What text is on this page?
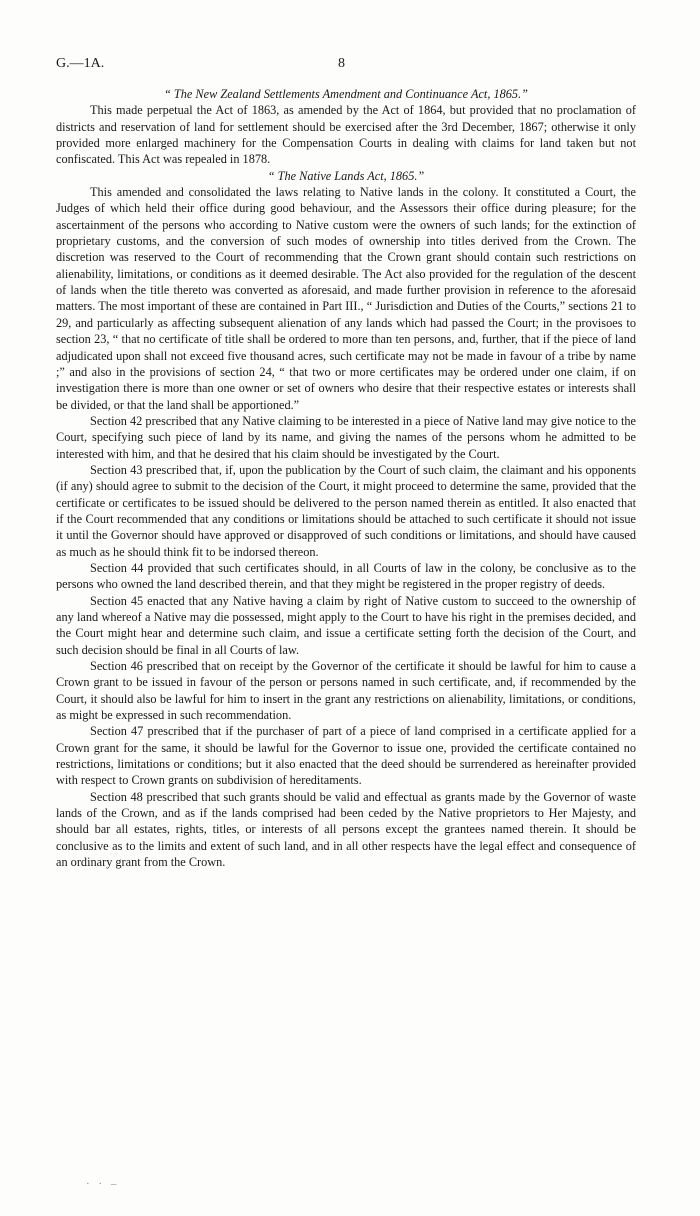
G.—1A.	8
“ The New Zealand Settlements Amendment and Continuance Act, 1865.”

This made perpetual the Act of 1863, as amended by the Act of 1864, but provided that no proclamation of districts and reservation of land for settlement should be exercised after the 3rd December, 1867; otherwise it only provided more enlarged machinery for the Compensation Courts in dealing with claims for land taken but not confiscated. This Act was repealed in 1878.

“ The Native Lands Act, 1865.”

This amended and consolidated the laws relating to Native lands in the colony. It constituted a Court, the Judges of which held their office during good behaviour, and the Assessors their office during pleasure; for the ascertainment of the persons who according to Native custom were the owners of such lands; for the extinction of proprietary customs, and the conversion of such modes of ownership into titles derived from the Crown. The discretion was reserved to the Court of recommending that the Crown grant should contain such restrictions on alienability, limitations, or conditions as it deemed desirable. The Act also provided for the regulation of the descent of lands when the title thereto was converted as aforesaid, and made further provision in reference to the aforesaid matters. The most important of these are contained in Part III., “ Jurisdiction and Duties of the Courts,” sections 21 to 29, and particularly as affecting subsequent alienation of any lands which had passed the Court; in the provisoes to section 23, “ that no certificate of title shall be ordered to more than ten persons, and, further, that if the piece of land adjudicated upon shall not exceed five thousand acres, such certificate may not be made in favour of a tribe by name ;” and also in the provisions of section 24, “ that two or more certificates may be ordered under one claim, if on investigation there is more than one owner or set of owners who desire that their respective estates or interests shall be divided, or that the land shall be apportioned.”

Section 42 prescribed that any Native claiming to be interested in a piece of Native land may give notice to the Court, specifying such piece of land by its name, and giving the names of the persons whom he admitted to be interested with him, and that he desired that his claim should be investigated by the Court.

Section 43 prescribed that, if, upon the publication by the Court of such claim, the claimant and his opponents (if any) should agree to submit to the decision of the Court, it might proceed to determine the same, provided that the certificate or certificates to be issued should be delivered to the person named therein as entitled. It also enacted that if the Court recommended that any conditions or limitations should be attached to such certificate it should not issue it until the Governor should have approved or disapproved of such conditions or limitations, and should have caused as much as he should think fit to be indorsed thereon.

Section 44 provided that such certificates should, in all Courts of law in the colony, be conclusive as to the persons who owned the land described therein, and that they might be registered in the proper registry of deeds.

Section 45 enacted that any Native having a claim by right of Native custom to succeed to the ownership of any land whereof a Native may die possessed, might apply to the Court to have his right in the premises decided, and the Court might hear and determine such claim, and issue a certificate setting forth the decision of the Court, and such decision should be final in all Courts of law.

Section 46 prescribed that on receipt by the Governor of the certificate it should be lawful for him to cause a Crown grant to be issued in favour of the person or persons named in such certificate, and, if recommended by the Court, it should also be lawful for him to insert in the grant any restrictions on alienability, limitations, or conditions, as might be expressed in such recommendation.

Section 47 prescribed that if the purchaser of part of a piece of land comprised in a certificate applied for a Crown grant for the same, it should be lawful for the Governor to issue one, provided the certificate contained no restrictions, limitations or conditions; but it also enacted that the deed should be surrendered as hereinafter provided with respect to Crown grants on subdivision of hereditaments.

Section 48 prescribed that such grants should be valid and effectual as grants made by the Governor of waste lands of the Crown, and as if the lands comprised had been ceded by the Native proprietors to Her Majesty, and should bar all estates, rights, titles, or interests of all persons except the grantees named therein. It should be conclusive as to the limits and extent of such land, and in all other respects have the legal effect and consequence of an ordinary grant from the Crown.

· · –
